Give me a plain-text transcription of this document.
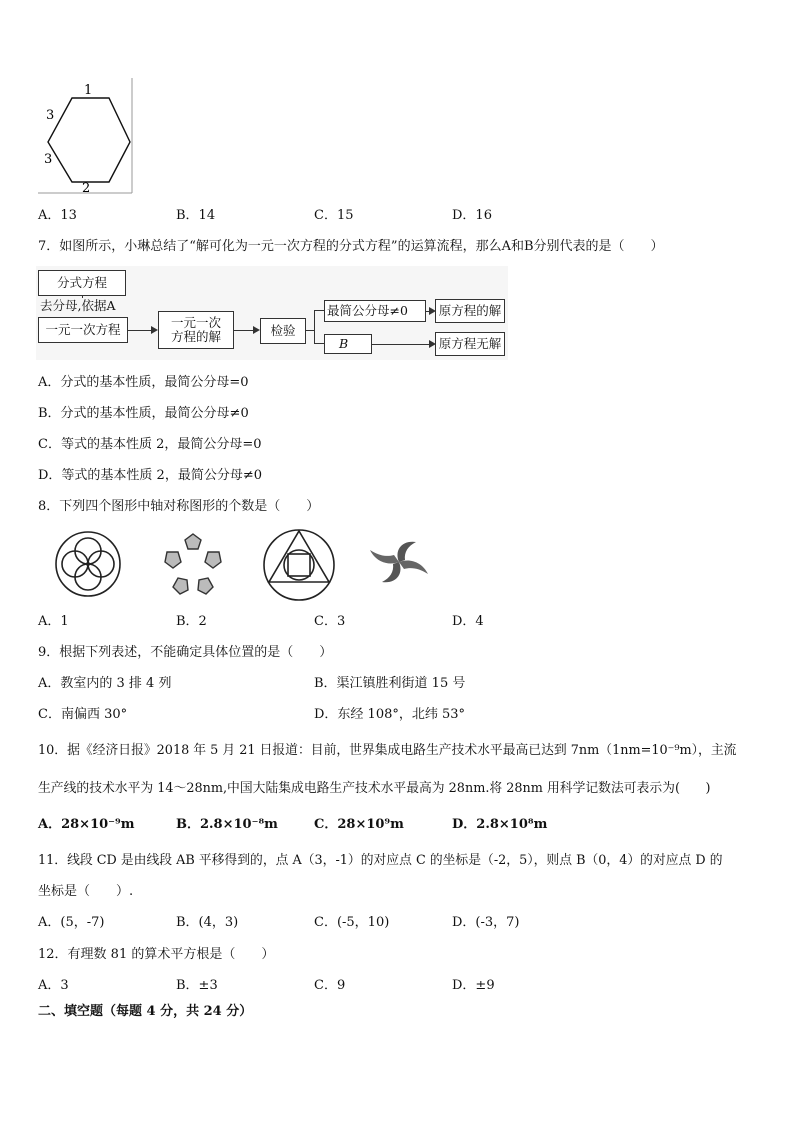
1
3
3
2
A．13	B．14	C．15	D．16
7．如图所示，小琳总结了“解可化为一元一次方程的分式方程”的运算流程，那么A和B分别代表的是（　　）
分式方程
去分母,依据A
一元一次方程	一元一次方程的解	检验
最简公分母≠0
B
原方程的解
原方程无解
A．分式的基本性质，最简公分母=0
B．分式的基本性质，最简公分母≠0
C．等式的基本性质 2，最简公分母=0
D．等式的基本性质 2，最简公分母≠0
8．下列四个图形中轴对称图形的个数是（　　）
A．1	B．2	C．3	D．4
9．根据下列表述，不能确定具体位置的是（　　）
A．教室内的 3 排 4 列	B．渠江镇胜利街道 15 号
C．南偏西 30°	D．东经 108°，北纬 53°
10．据《经济日报》2018 年 5 月 21 日报道：目前，世界集成电路生产技术水平最高已达到 7nm（1nm=10⁻⁹m），主流
生产线的技术水平为 14～28nm,中国大陆集成电路生产技术水平最高为 28nm.将 28nm 用科学记数法可表示为(　　)
A．28×10⁻⁹m	B．2.8×10⁻⁸m	C．28×10⁹m	D．2.8×10⁸m
11．线段 CD 是由线段 AB 平移得到的，点 A（3，-1）的对应点 C 的坐标是（-2，5），则点 B（0，4）的对应点 D 的
坐标是（　　）.
A．(5，-7)	B．(4，3)	C．(-5，10)	D．(-3，7)
12．有理数 81 的算术平方根是（　　）
A．3	B．±3	C．9	D．±9
二、填空题（每题 4 分，共 24 分）
